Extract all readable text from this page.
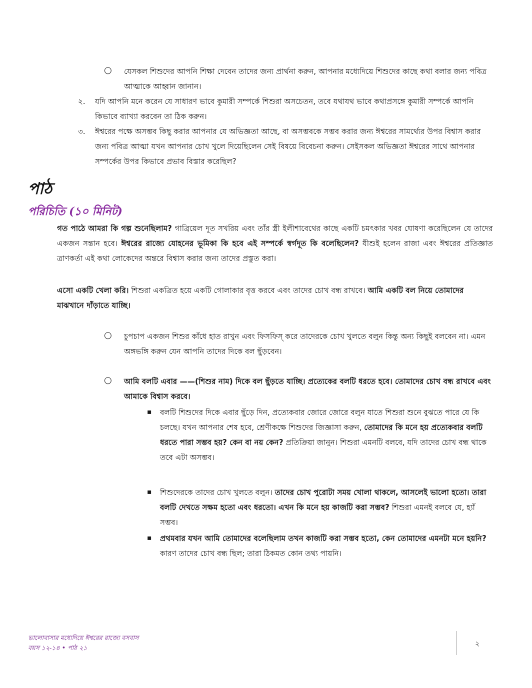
○ যেসকল শিশুদের আপনি শিক্ষা দেবেন তাদের জন্য প্রার্থনা করুন, আপনার মধ্যেদিয়ে শিশুদের কাছে কথা বলার জন্য পবিত্র আত্মাকে আহ্বান জানান।
২. যদি আপনি মনে করেন যে সাধারণ ভাবে কুমারী সম্পর্কে শিশুরা অসচেতন, তবে যথাযথ ভাবে কথাপ্রসঙ্গে কুমারী সম্পর্কে আপনি কিভাবে ব্যাখ্যা করবেন তা ঠিক করুন।
৩. ঈশ্বরের পক্ষে অসম্ভব কিছু করার আপনার যে অভিজ্ঞতা আছে, বা অসম্ভবকে সম্ভব করার জন্য ঈশ্বরের সামর্থ্যের উপর বিশ্বাস করার জন্য পবিত্র আত্মা যখন আপনার চোখ খুলে দিয়েছিলেন সেই বিষয়ে বিবেচনা করুন। সেইসকল অভিজ্ঞতা ঈশ্বরের সাথে আপনার সম্পর্কের উপর কিভাবে প্রভাব বিস্তার করেছিল?
পাঠ
পরিচিতি (১০ মিনিট)
গত পাঠে আমরা কি গল্প শুনেছিলাম? গাব্রিয়েল দূত সখরিয় এবং তাঁর স্ত্রী ইলীশাবেথের কাছে একটি চমৎকার খবর ঘোষণা করেছিলেন যে তাদের একজন সন্তান হবে। ঈশ্বরের রাজ্যে যোহনের ভূমিকা কি হবে এই সম্পর্কে স্বর্গদূত কি বলেছিলেন? যীশুই হলেন রাজা এবং ঈশ্বরের প্রতিজ্ঞাত ত্রাণকর্তা এই কথা লোকেদের অন্তরে বিশ্বাস করার জন্য তাদের প্রস্তুত করা।
এসো একটি খেলা করি। শিশুরা একত্রিত হয়ে একটি গোলাকার বৃত্ত করবে এবং তাদের চোখ বন্ধ রাখবে। আমি একটি বল নিয়ে তোমাদের মাঝখানে দাঁড়াতে যাচ্ছি।
○ চুপচাপ একজন শিশুর কাঁধে হাত রাখুন এবং ফিসফিস্ করে তাদেরকে চোখ খুলতে বলুন কিন্তু অন্য কিছুই বলবেন না। এমন অঙ্গভঙ্গি করুন যেন আপনি তাদের দিকে বল ছুঁড়বেন।
○ আমি বলটি এবার ——(শিশুর নাম) দিকে বল ছুঁড়তে যাচ্ছি। প্রত্যেকের বলটি ধরতে হবে। তোমাদের চোখ বন্ধ রাখবে এবং আমাকে বিশ্বাস করবে।
▪ বলটি শিশুদের দিকে এবার ছুঁড়ে দিন, প্রত্যেকবার জোরে জোরে বলুন যাতে শিশুরা শুনে বুঝতে পারে যে কি চলছে। যখন আপনার শেষ হবে, শ্রেণীকক্ষে শিশুদের জিজ্ঞাসা করুন, তোমাদের কি মনে হয় প্রত্যেকবার বলটি ধরতে পারা সম্ভব হয়? কেন বা নয় কেন? প্রতিক্রিয়া জানুন। শিশুরা এমনটি বলবে, যদি তাদের চোখ বন্ধ থাকে তবে এটা অসম্ভব।
▪ শিশুদেরকে তাদের চোখ খুলতে বলুন। তাদের চোখ পুরোটা সময় খোলা থাকলে, আসলেই ভালো হতো। তারা বলটি দেখতে সক্ষম হতো এবং ধরতো। এখন কি মনে হয় কাজটি করা সম্ভব? শিশুরা এমনই বলবে যে, হ্যাঁ সম্ভব।
▪ প্রথমবার যখন আমি তোমাদের বলেছিলাম তখন কাজটি করা সম্ভব হতো, কেন তোমাদের এমনটা মনে হয়নি? কারণ তাদের চোখ বন্ধ ছিল; তারা ঠিকমত কোন তথ্য পায়নি।
ভালোবাসার মধ্যেদিয়ে ঈশ্বরের রাজ্যে বসবাস
বয়স ১২-১৪ • পাঠ ২১
২
